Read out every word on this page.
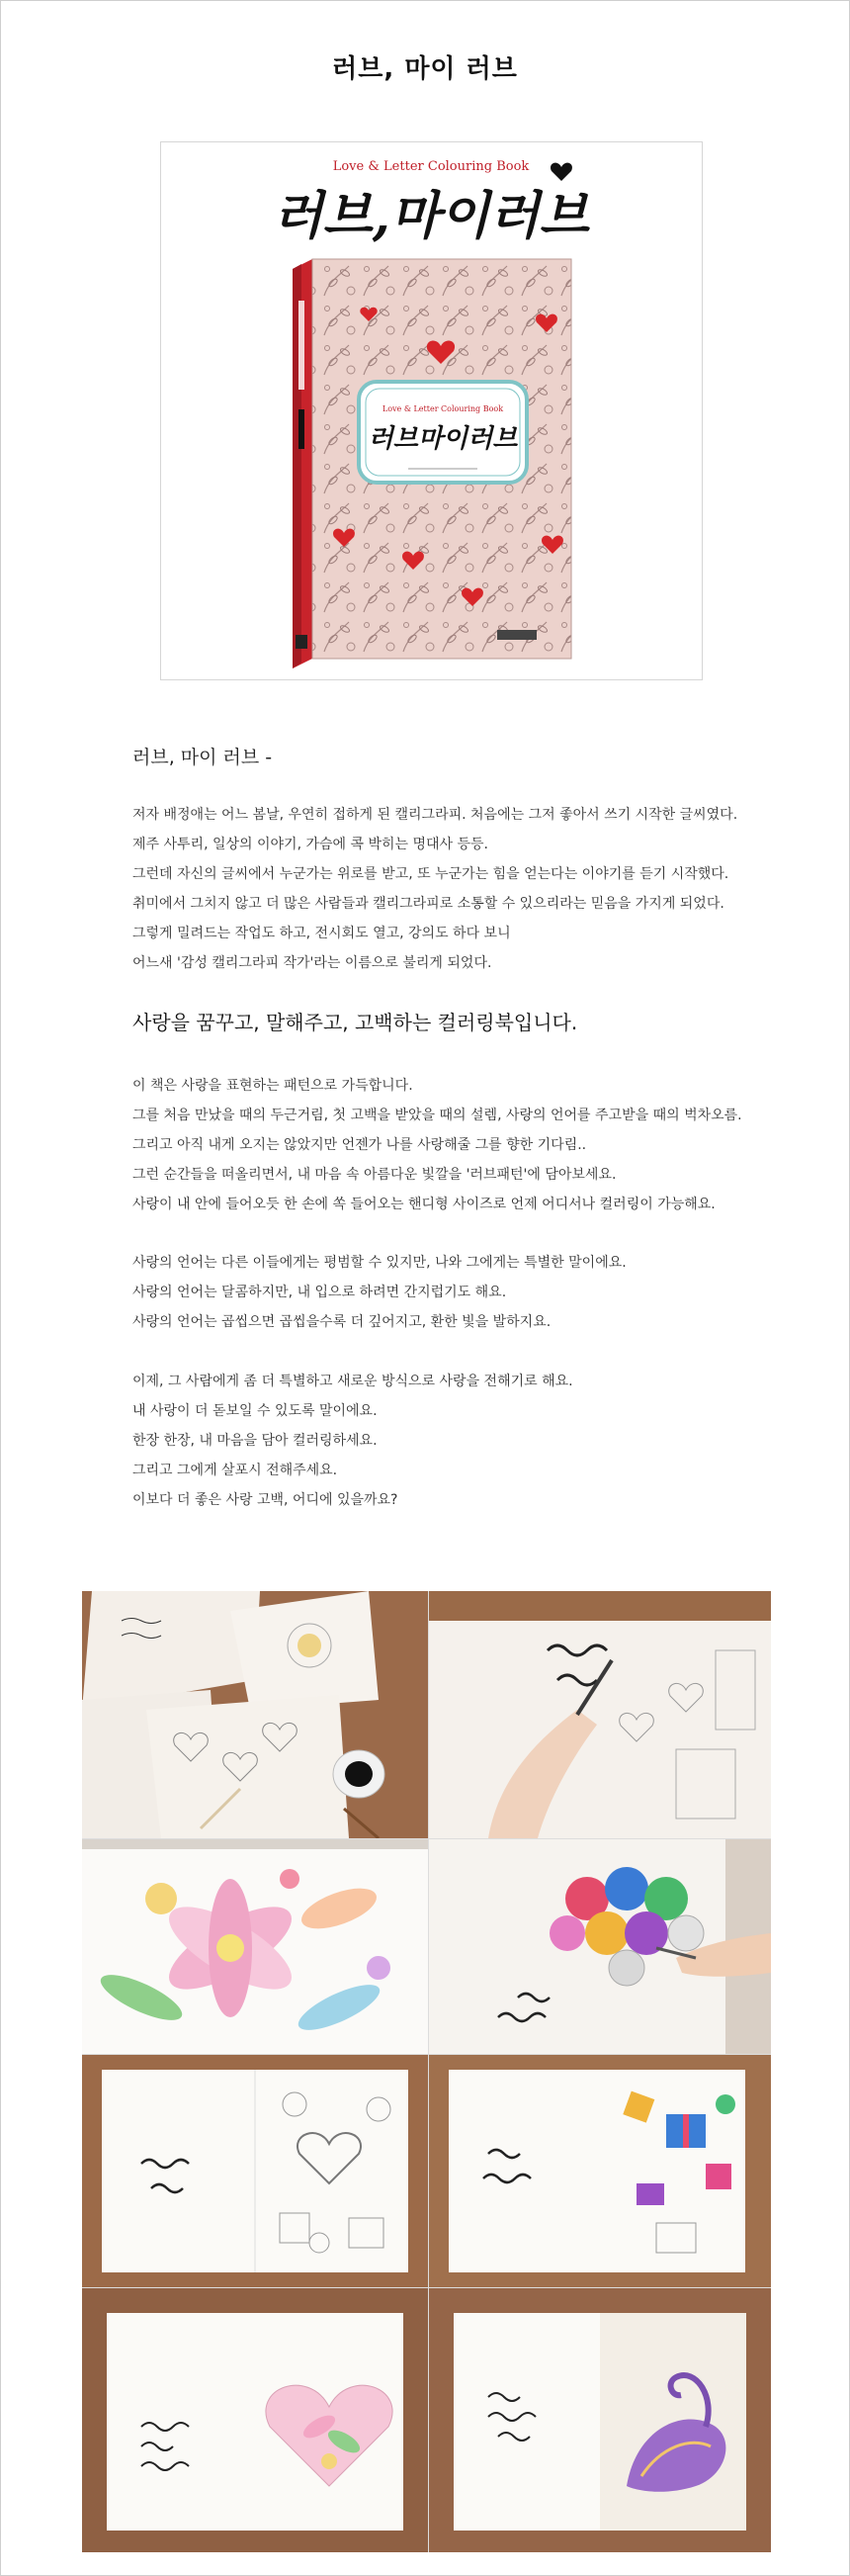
러브, 마이 러브
Love & Letter Colouring Book
러브,마이러브
Love & Letter Colouring Book
러브마이러브
러브, 마이 러브 -
저자 배정애는 어느 봄날, 우연히 접하게 된 캘리그라피. 처음에는 그저 좋아서 쓰기 시작한 글씨였다.
제주 사투리, 일상의 이야기, 가슴에 콕 박히는 명대사 등등.
그런데 자신의 글씨에서 누군가는 위로를 받고, 또 누군가는 힘을 얻는다는 이야기를 듣기 시작했다.
취미에서 그치지 않고 더 많은 사람들과 캘리그라피로 소통할 수 있으리라는 믿음을 가지게 되었다.
그렇게 밀려드는 작업도 하고, 전시회도 열고, 강의도 하다 보니
어느새 '감성 캘리그라피 작가'라는 이름으로 불리게 되었다.
사랑을 꿈꾸고, 말해주고, 고백하는 컬러링북입니다.
이 책은 사랑을 표현하는 패턴으로 가득합니다.
그를 처음 만났을 때의 두근거림, 첫 고백을 받았을 때의 설렘, 사랑의 언어를 주고받을 때의 벅차오름.
그리고 아직 내게 오지는 않았지만 언젠가 나를 사랑해줄 그를 향한 기다림..
그런 순간들을 떠올리면서, 내 마음 속 아름다운 빛깔을 '러브패턴'에 담아보세요.
사랑이 내 안에 들어오듯 한 손에 쏙 들어오는 핸디형 사이즈로 언제 어디서나 컬러링이 가능해요.
사랑의 언어는 다른 이들에게는 평범할 수 있지만, 나와 그에게는 특별한 말이에요.
사랑의 언어는 달콤하지만, 내 입으로 하려면 간지럽기도 해요.
사랑의 언어는 곱씹으면 곱씹을수록 더 깊어지고, 환한 빛을 발하지요.
이제, 그 사람에게 좀 더 특별하고 새로운 방식으로 사랑을 전해기로 해요.
내 사랑이 더 돋보일 수 있도록 말이에요.
한장 한장, 내 마음을 담아 컬러링하세요.
그리고 그에게 살포시 전해주세요.
이보다 더 좋은 사랑 고백, 어디에 있을까요?
